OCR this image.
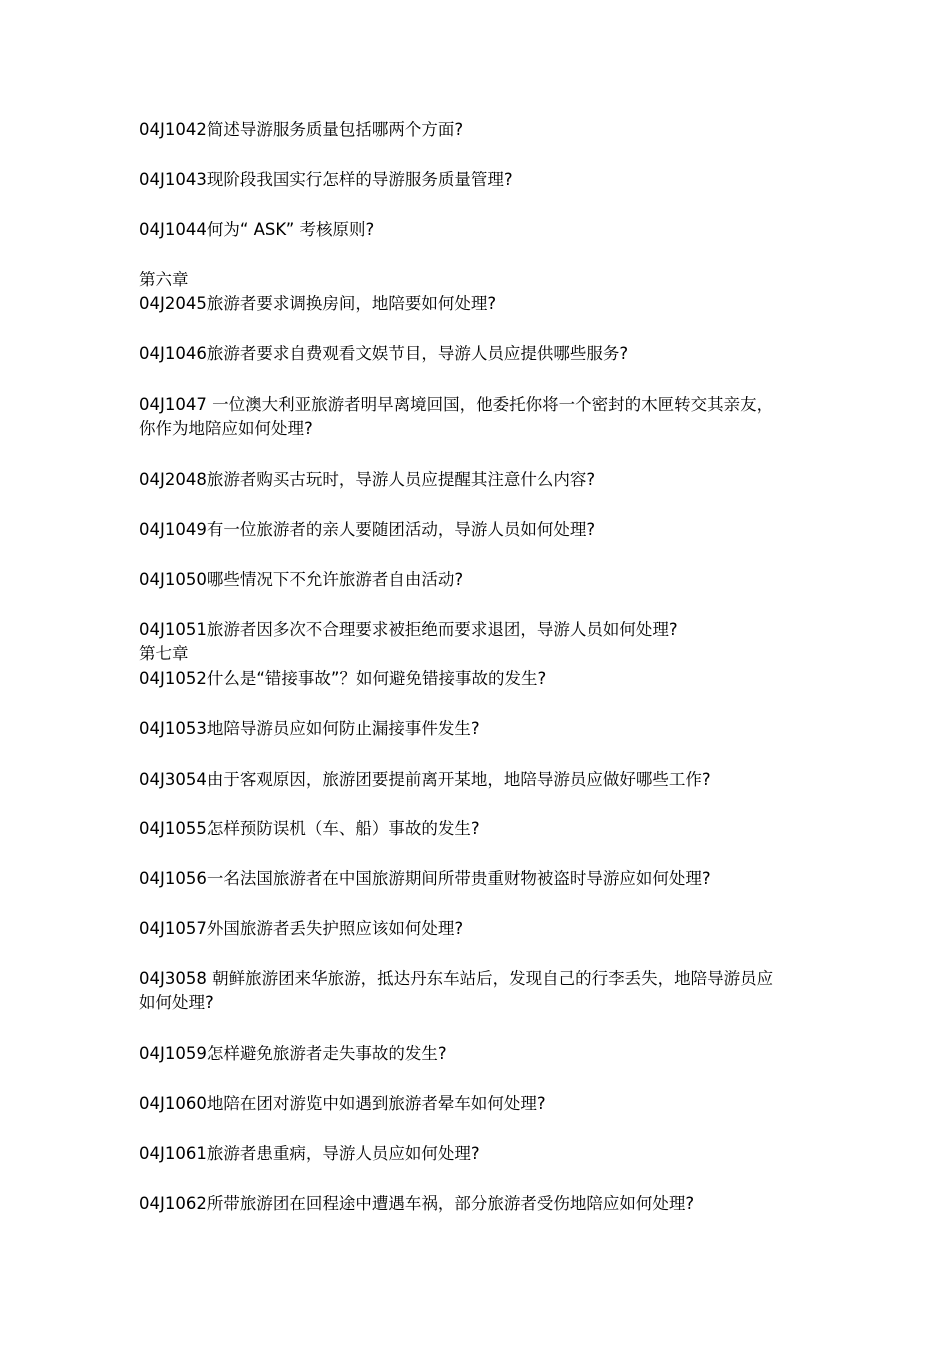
04J1042简述导游服务质量包括哪两个方面?
04J1043现阶段我国实行怎样的导游服务质量管理?
04J1044何为“ ASK” 考核原则?
第六章
04J2045旅游者要求调换房间，地陪要如何处理?
04J1046旅游者要求自费观看文娱节目，导游人员应提供哪些服务?
04J1047 一位澳大利亚旅游者明早离境回国，他委托你将一个密封的木匣转交其亲友，你作为地陪应如何处理?
04J2048旅游者购买古玩时，导游人员应提醒其注意什么内容?
04J1049有一位旅游者的亲人要随团活动，导游人员如何处理?
04J1050哪些情况下不允许旅游者自由活动?
04J1051旅游者因多次不合理要求被拒绝而要求退团，导游人员如何处理?
第七章
04J1052什么是“错接事故”？如何避免错接事故的发生?
04J1053地陪导游员应如何防止漏接事件发生?
04J3054由于客观原因，旅游团要提前离开某地，地陪导游员应做好哪些工作?
04J1055怎样预防误机（车、船）事故的发生?
04J1056一名法国旅游者在中国旅游期间所带贵重财物被盗时导游应如何处理?
04J1057外国旅游者丢失护照应该如何处理?
04J3058 朝鲜旅游团来华旅游，抵达丹东车站后，发现自己的行李丢失，地陪导游员应如何处理?
04J1059怎样避免旅游者走失事故的发生?
04J1060地陪在团对游览中如遇到旅游者晕车如何处理?
04J1061旅游者患重病，导游人员应如何处理?
04J1062所带旅游团在回程途中遭遇车祸，部分旅游者受伤地陪应如何处理?
